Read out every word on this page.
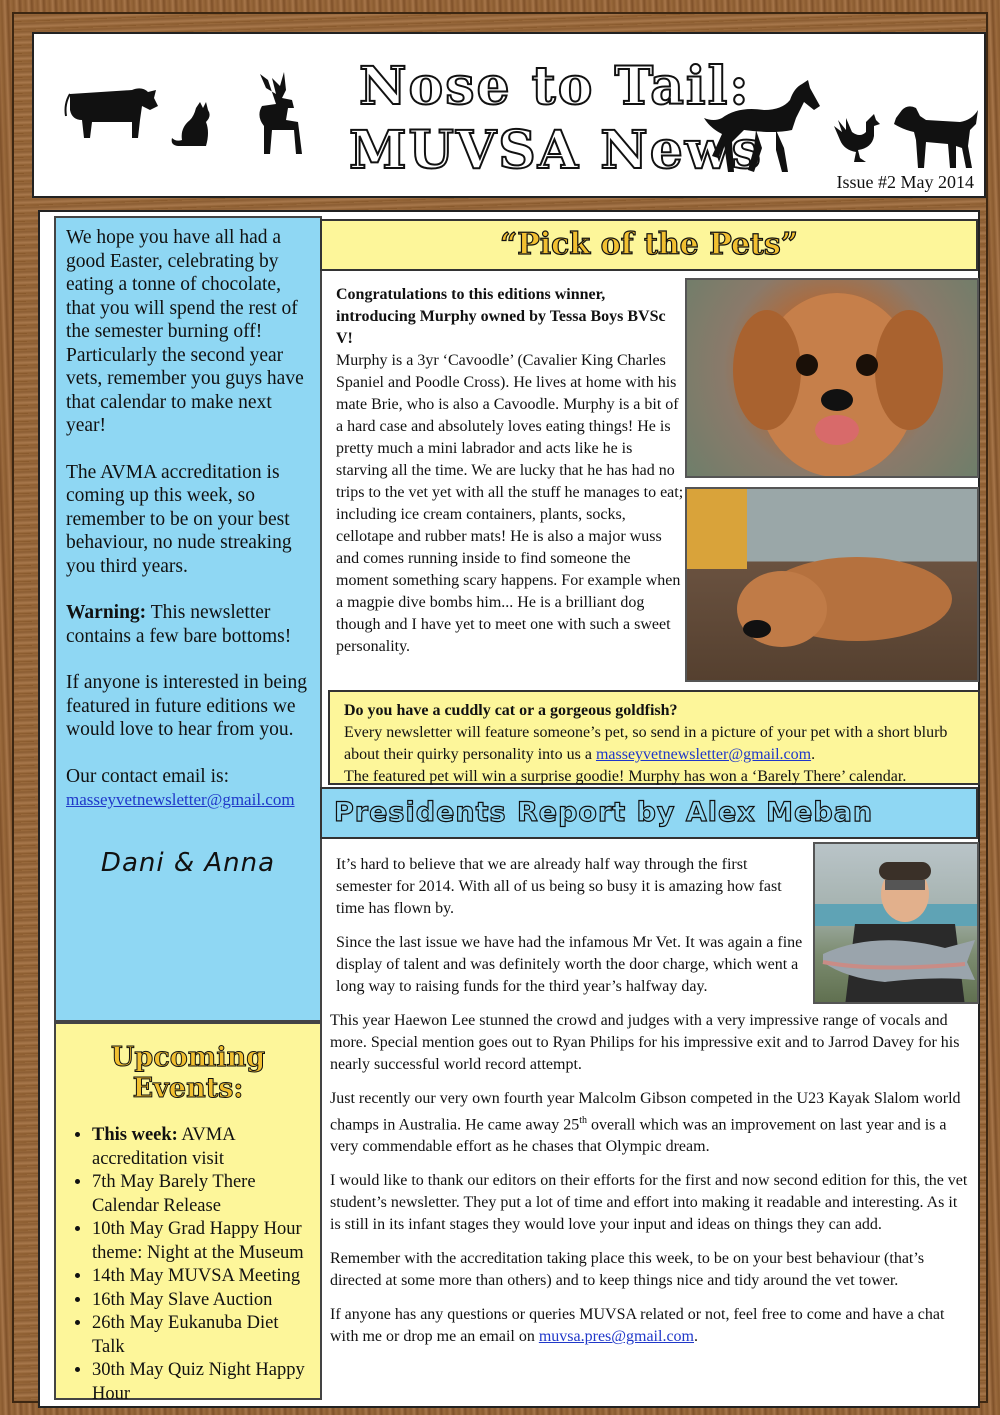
Nose to Tail:
MUVSA News
Issue #2 May 2014

We hope you have all had a good Easter, celebrating by eating a tonne of chocolate, that you will spend the rest of the semester burning off! Particularly the second year vets, remember you guys have that calendar to make next year!

The AVMA accreditation is coming up this week, so remember to be on your best behaviour, no nude streaking you third years.

Warning: This newsletter contains a few bare bottoms!

If anyone is interested in being featured in future editions we would love to hear from you.

Our contact email is:
masseyvetnewsletter@gmail.com
Dani & Anna
Upcoming Events:
• This week: AVMA accreditation visit
• 7th May Barely There Calendar Release
• 10th May Grad Happy Hour theme: Night at the Museum
• 14th May MUVSA Meeting
• 16th May Slave Auction
• 26th May Eukanuba Diet Talk
• 30th May Quiz Night Happy Hour
“Pick of the Pets”
Congratulations to this editions winner, introducing Murphy owned by Tessa Boys BVSc V!
Murphy is a 3yr ‘Cavoodle’ (Cavalier King Charles Spaniel and Poodle Cross). He lives at home with his mate Brie, who is also a Cavoodle. Murphy is a bit of a hard case and absolutely loves eating things! He is pretty much a mini labrador and acts like he is starving all the time. We are lucky that he has had no trips to the vet yet with all the stuff he manages to eat; including ice cream containers, plants, socks, cellotape and rubber mats! He is also a major wuss and comes running inside to find someone the moment something scary happens. For example when a magpie dive bombs him... He is a brilliant dog though and I have yet to meet one with such a sweet personality.
Do you have a cuddly cat or a gorgeous goldfish?
Every newsletter will feature someone’s pet, so send in a picture of your pet with a short blurb about their quirky personality into us a masseyvetnewsletter@gmail.com.
The featured pet will win a surprise goodie! Murphy has won a ‘Barely There’ calendar.
Presidents Report by Alex Meban

It’s hard to believe that we are already half way through the first semester for 2014. With all of us being so busy it is amazing how fast time has flown by.

Since the last issue we have had the infamous Mr Vet. It was again a fine display of talent and was definitely worth the door charge, which went a long way to raising funds for the third year’s halfway day.

This year Haewon Lee stunned the crowd and judges with a very impressive range of vocals and more. Special mention goes out to Ryan Philips for his impressive exit and to Jarrod Davey for his nearly successful world record attempt.

Just recently our very own fourth year Malcolm Gibson competed in the U23 Kayak Slalom world champs in Australia. He came away 25th overall which was an improvement on last year and is a very commendable effort as he chases that Olympic dream.

I would like to thank our editors on their efforts for the first and now second edition for this, the vet student’s newsletter. They put a lot of time and effort into making it readable and interesting. As it is still in its infant stages they would love your input and ideas on things they can add.

Remember with the accreditation taking place this week, to be on your best behaviour (that’s directed at some more than others) and to keep things nice and tidy around the vet tower.

If anyone has any questions or queries MUVSA related or not, feel free to come and have a chat with me or drop me an email on muvsa.pres@gmail.com.
